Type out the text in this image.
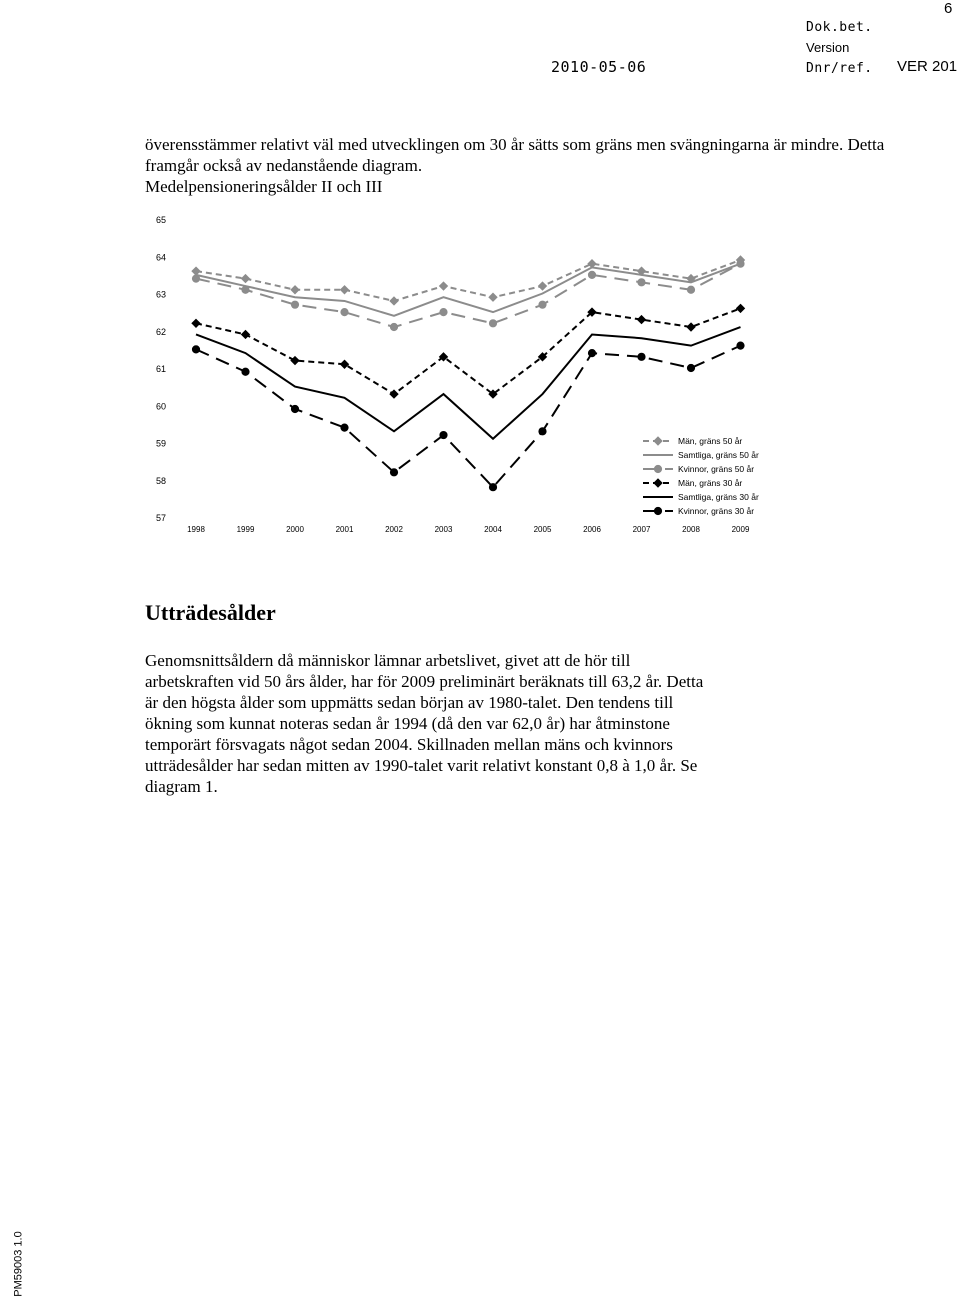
6
Dok.bet.
Version
2010-05-06	Dnr/ref. VER 201

överensstämmer relativt väl med utvecklingen om 30 år sätts som gräns men svängningarna är mindre. Detta framgår också av nedanstående diagram.

Medelpensioneringsålder II och III
57
58
59
60
61
62
63
64
65
1998	1999	2000	2001	2002	2003	2004	2005	2006	2007	2008	2009
Män, gräns 50 år
Samtliga, gräns 50 år
Kvinnor, gräns 50 år
Män, gräns 30 år
Samtliga, gräns 30 år
Kvinnor, gräns 30 år
Utträdesålder
Genomsnittsåldern då människor lämnar arbetslivet, givet att de hör till
arbetskraften vid 50 års ålder, har för 2009 preliminärt beräknats till 63,2 år. Detta
är den högsta ålder som uppmätts sedan början av 1980-talet. Den tendens till
ökning som kunnat noteras sedan år 1994 (då den var 62,0 år) har åtminstone
temporärt försvagats något sedan 2004. Skillnaden mellan mäns och kvinnors
utträdesålder har sedan mitten av 1990-talet varit relativt konstant 0,8 à 1,0 år. Se
diagram 1.
PM59003 1.0
